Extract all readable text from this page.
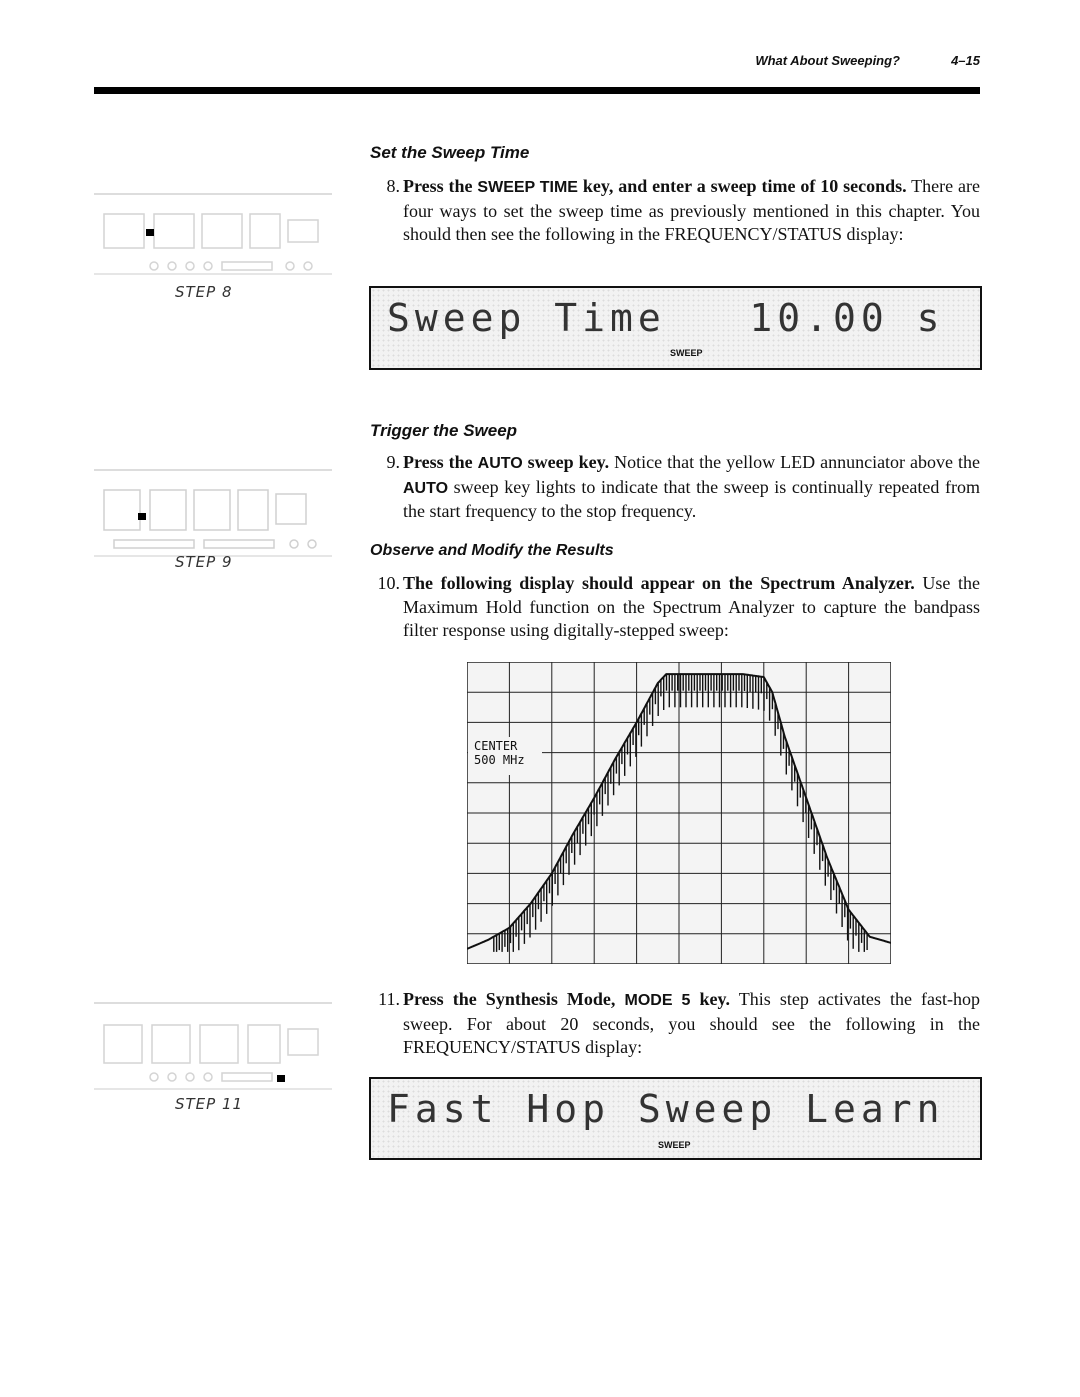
What About Sweeping?	4–15
STEP 8
STEP 9
STEP 11
Set the Sweep Time
8. Press the SWEEP TIME key, and enter a sweep time of 10 seconds. There are four ways to set the sweep time as previously mentioned in this chapter. You should then see the following in the FREQUENCY/STATUS display:
Sweep Time   10.00 s
SWEEP
Trigger the Sweep
9. Press the AUTO sweep key. Notice that the yellow LED annunciator above the AUTO sweep key lights to indicate that the sweep is continually repeated from the start frequency to the stop frequency.
Observe and Modify the Results
10. The following display should appear on the Spectrum Analyzer. Use the Maximum Hold function on the Spectrum Analyzer to capture the bandpass filter response using digitally-stepped sweep:
CENTER
500 MHz
11. Press the Synthesis Mode, MODE 5 key. This step activates the fast-hop sweep. For about 20 seconds, you should see the following in the FREQUENCY/STATUS display:
Fast Hop Sweep Learn
SWEEP
